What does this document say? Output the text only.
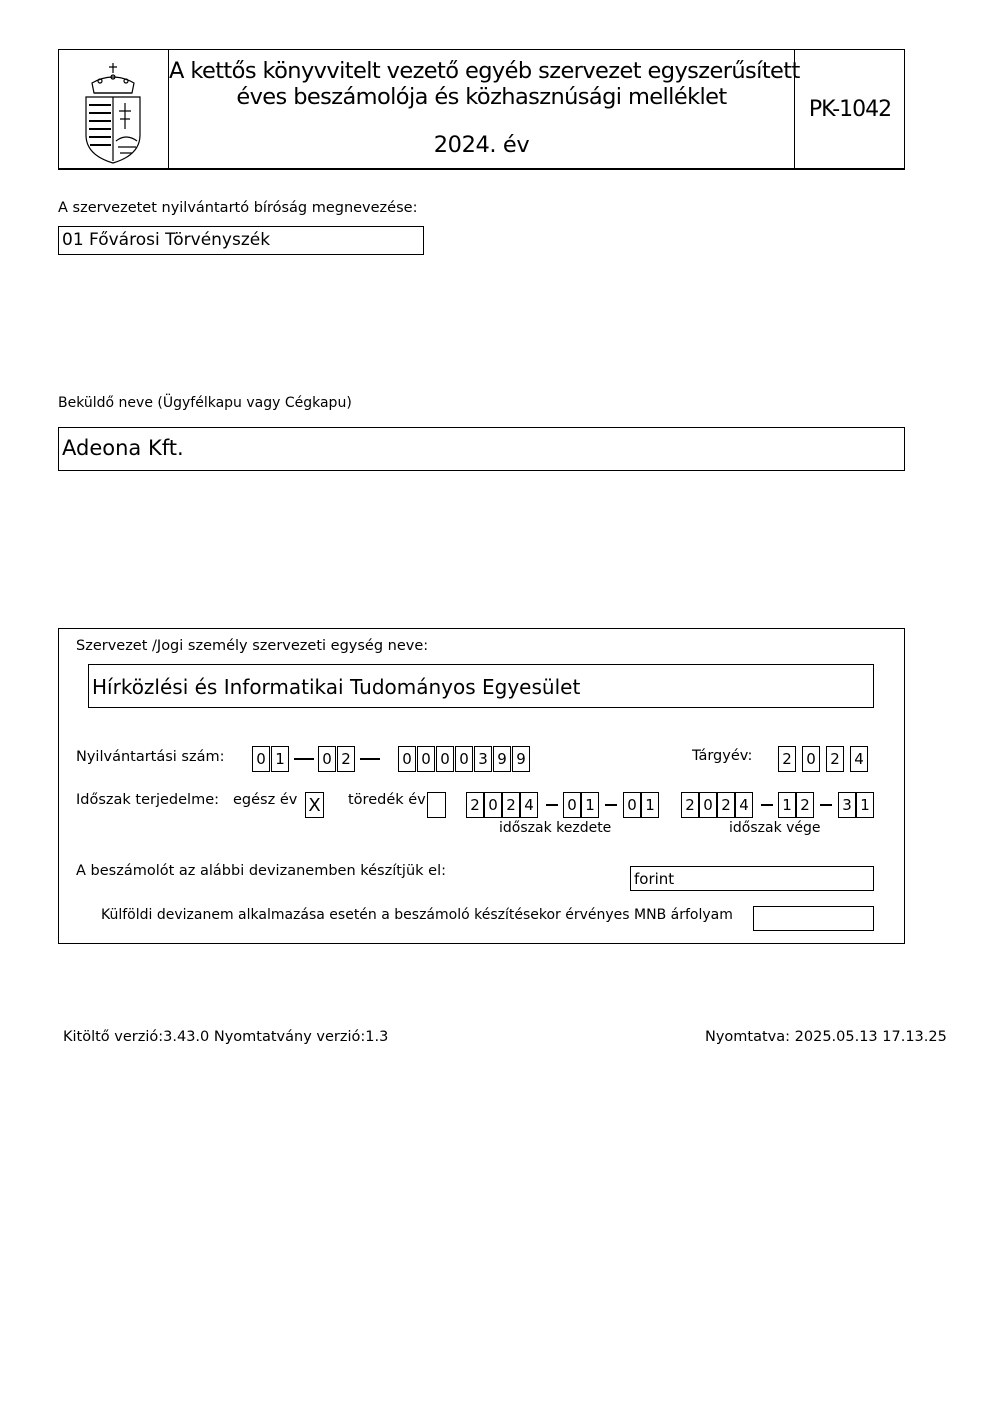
A kettős könyvvitelt vezető egyéb szervezet egyszerűsített
éves beszámolója és közhasznúsági melléklet
2024. év
PK-1042
A szervezetet nyilvántartó bíróság megnevezése:
01 Fővárosi Törvényszék
Beküldő neve (Ügyfélkapu vagy Cégkapu)
Adeona Kft.
Szervezet /Jogi személy szervezeti egység neve:
Hírközlési és Informatikai Tudományos Egyesület
Nyilvántartási szám: 0 1 0 2	0 0 0 0 3 9 9	Tárgyév: 2 0 2 4
Időszak terjedelme: egész év X töredék év	2 0 2 4 0 1 0 1
időszak kezdete
2 0 2 4 1 2 3 1
időszak vége
A beszámolót az alábbi devizanemben készítjük el:	forint
Külföldi devizanem alkalmazása esetén a beszámoló készítésekor érvényes MNB árfolyam
Kitöltő verzió:3.43.0 Nyomtatvány verzió:1.3	Nyomtatva: 2025.05.13 17.13.25
